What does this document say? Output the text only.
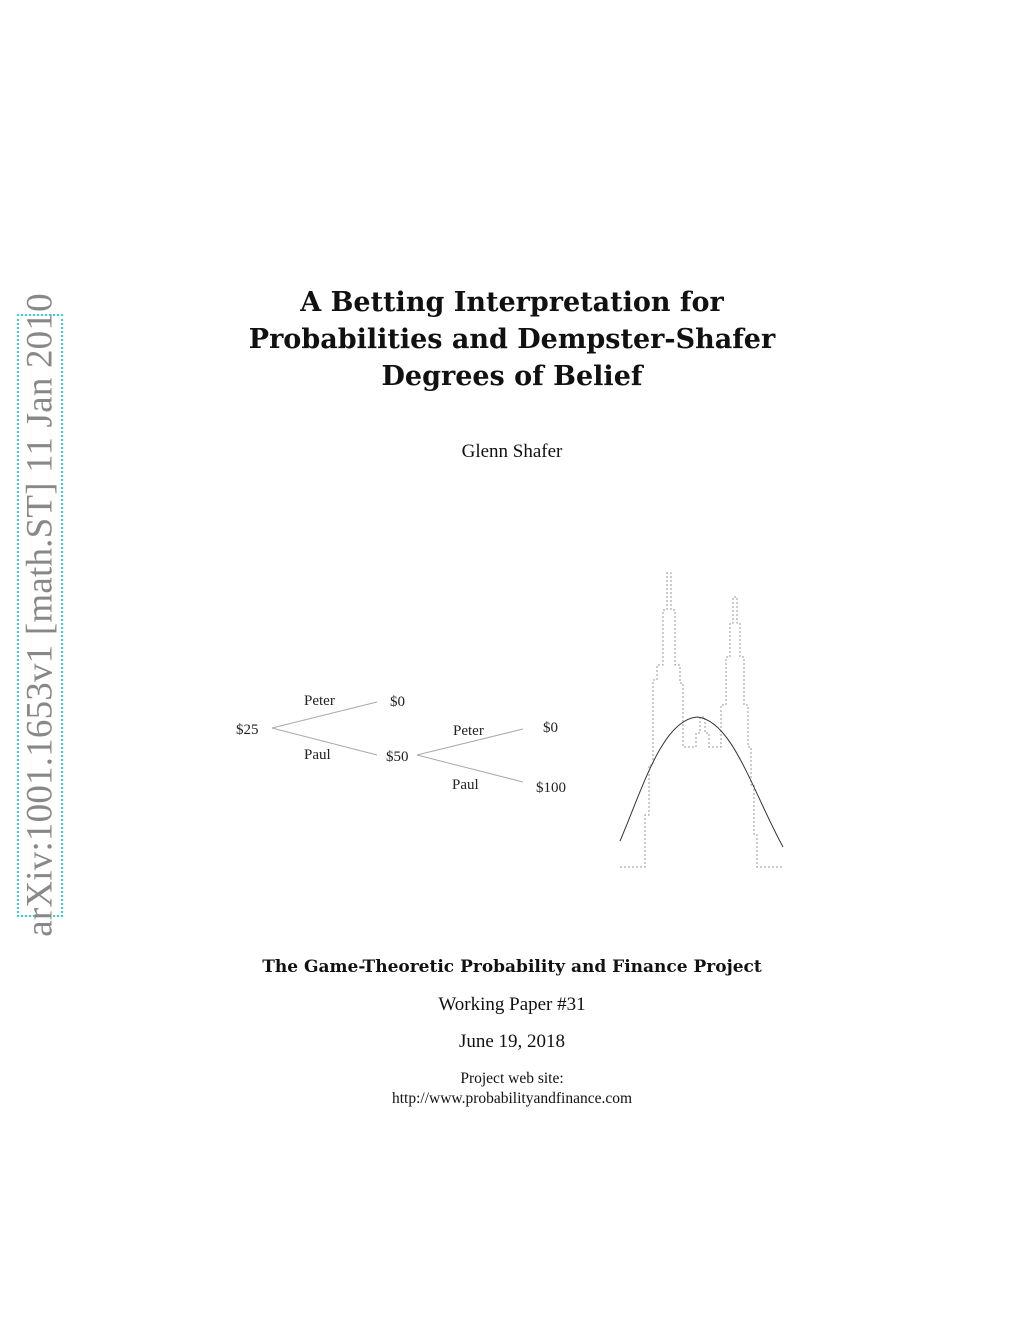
arXiv:1001.1653v1 [math.ST] 11 Jan 2010	A Betting Interpretation for
Probabilities and Dempster-Shafer
Degrees of Belief
Glenn Shafer
$25
Peter
Paul
$0
$50
Peter
Paul
$0
$100
The Game-Theoretic Probability and Finance Project
Working Paper #31
June 19, 2018
Project web site:
http://www.probabilityandfinance.com
